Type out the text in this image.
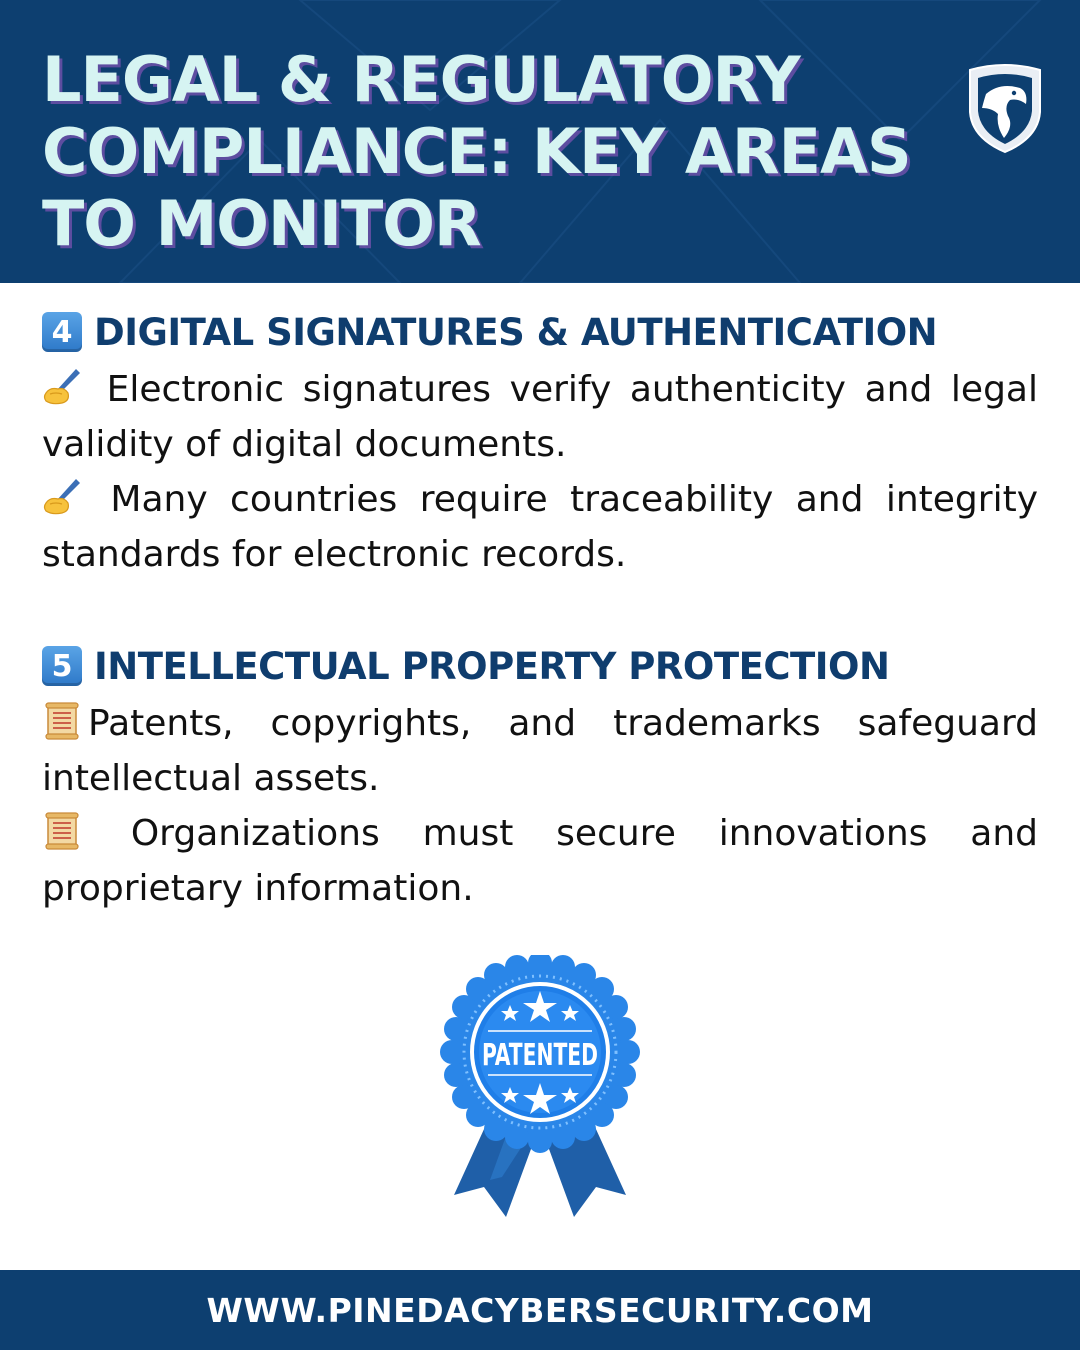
LEGAL & REGULATORY
COMPLIANCE: KEY AREAS
TO MONITOR
4 DIGITAL SIGNATURES & AUTHENTICATION

Electronic signatures verify authenticity and legal validity of digital documents.

Many countries require traceability and integrity standards for electronic records.

5 INTELLECTUAL PROPERTY PROTECTION

Patents, copyrights, and trademarks safeguard intellectual assets.

Organizations must secure innovations and proprietary information.

PATENTED
WWW.PINEDACYBERSECURITY.COM
